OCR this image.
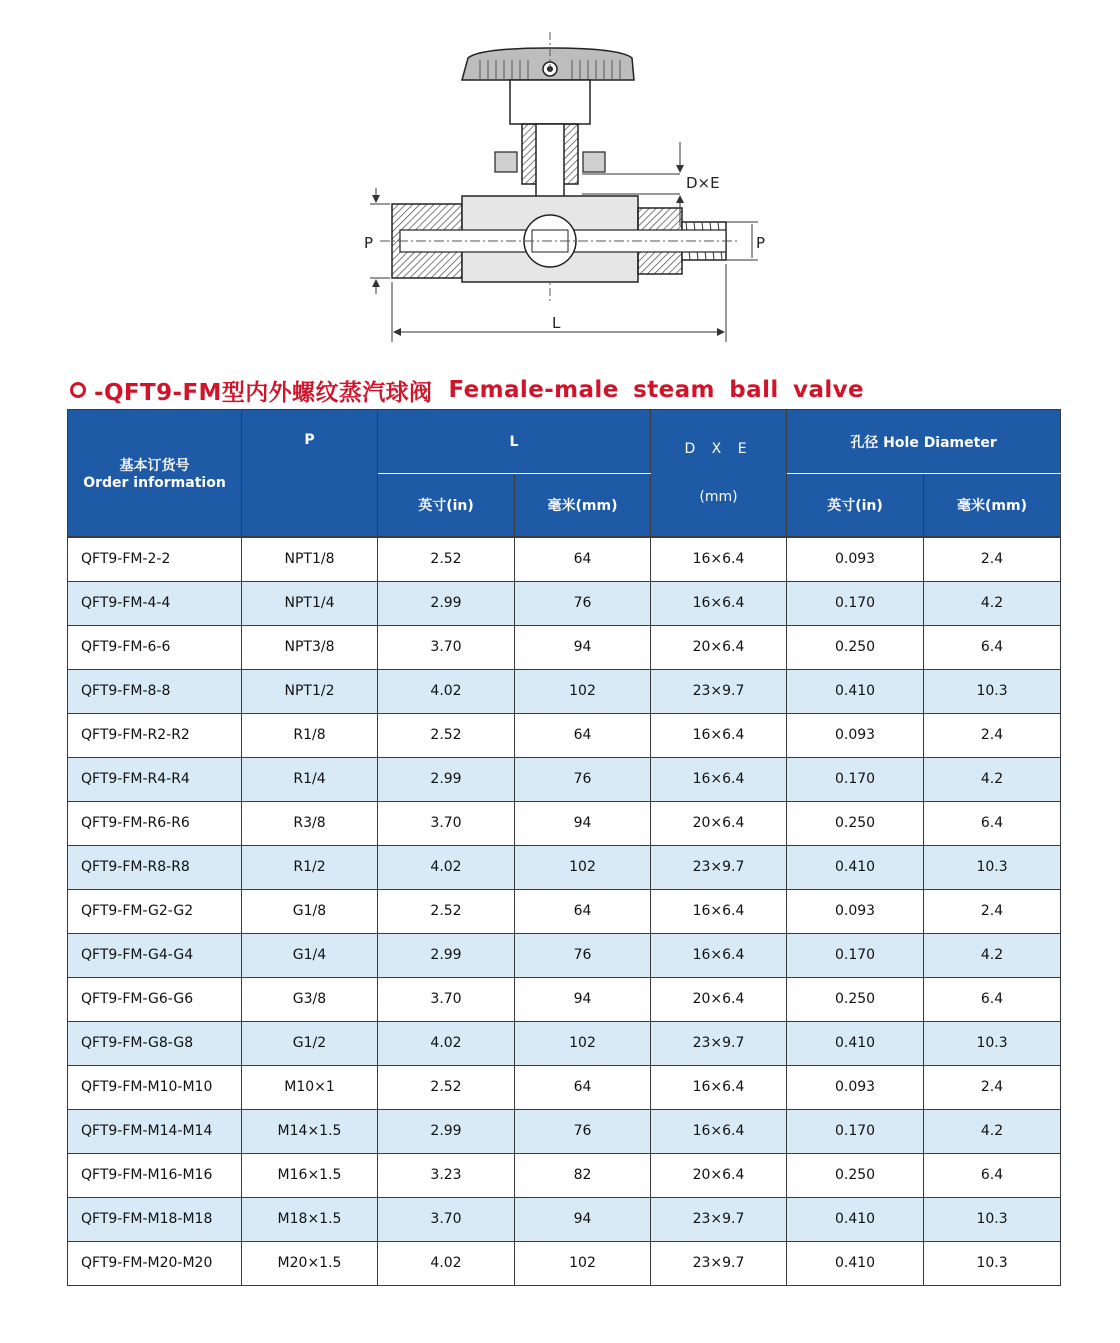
D×E
P	P
L
-QFT9-FM型内外螺纹蒸汽球阀 Female-male steam ball valve
基本订货号
Order information	P	L		D X E
(mm)	孔径 Hole Diameter	
		英寸(in)	毫米(mm)		英寸(in)	毫米(mm)
QFT9-FM-2-2	NPT1/8	2.52	64	16×6.4	0.093	2.4
QFT9-FM-4-4	NPT1/4	2.99	76	16×6.4	0.170	4.2
QFT9-FM-6-6	NPT3/8	3.70	94	20×6.4	0.250	6.4
QFT9-FM-8-8	NPT1/2	4.02	102	23×9.7	0.410	10.3
QFT9-FM-R2-R2	R1/8	2.52	64	16×6.4	0.093	2.4
QFT9-FM-R4-R4	R1/4	2.99	76	16×6.4	0.170	4.2
QFT9-FM-R6-R6	R3/8	3.70	94	20×6.4	0.250	6.4
QFT9-FM-R8-R8	R1/2	4.02	102	23×9.7	0.410	10.3
QFT9-FM-G2-G2	G1/8	2.52	64	16×6.4	0.093	2.4
QFT9-FM-G4-G4	G1/4	2.99	76	16×6.4	0.170	4.2
QFT9-FM-G6-G6	G3/8	3.70	94	20×6.4	0.250	6.4
QFT9-FM-G8-G8	G1/2	4.02	102	23×9.7	0.410	10.3
QFT9-FM-M10-M10	M10×1	2.52	64	16×6.4	0.093	2.4
QFT9-FM-M14-M14	M14×1.5	2.99	76	16×6.4	0.170	4.2
QFT9-FM-M16-M16	M16×1.5	3.23	82	20×6.4	0.250	6.4
QFT9-FM-M18-M18	M18×1.5	3.70	94	23×9.7	0.410	10.3
QFT9-FM-M20-M20	M20×1.5	4.02	102	23×9.7	0.410	10.3
